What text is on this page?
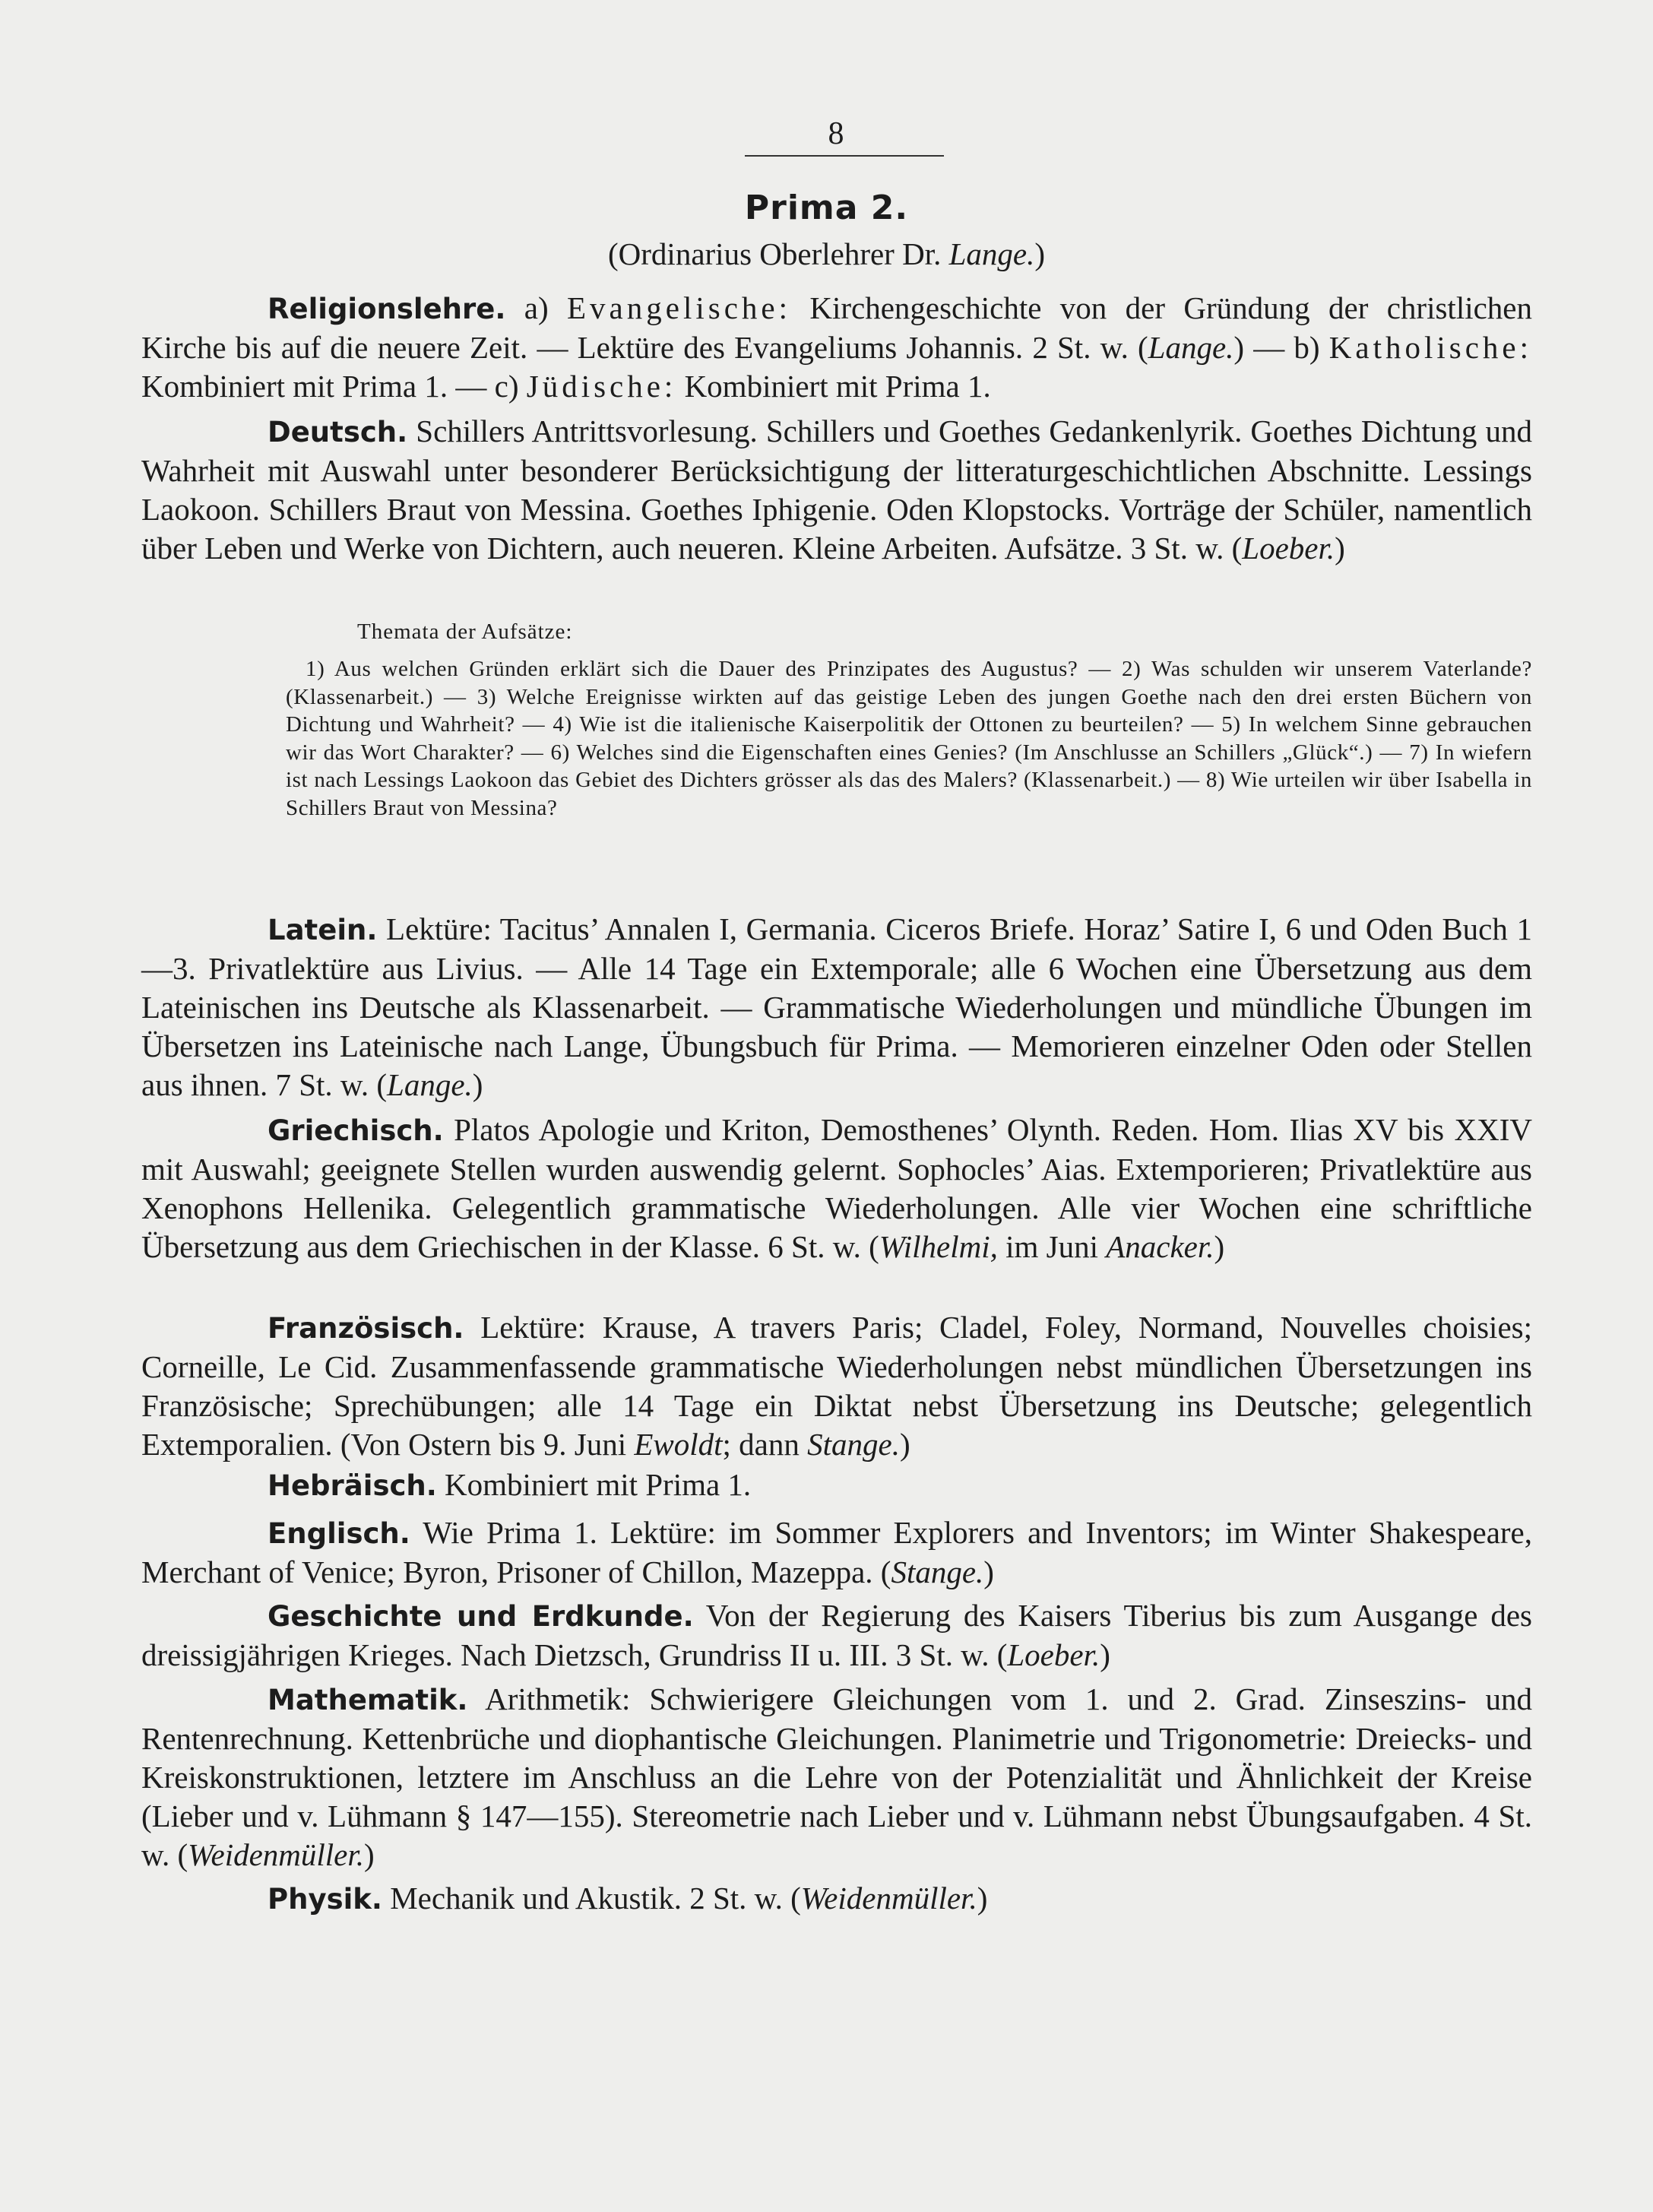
8
Prima 2.
(Ordinarius Oberlehrer Dr. Lange.)

Religionslehre. a) Evangelische: Kirchengeschichte von der Gründung der christlichen Kirche bis auf die neuere Zeit. — Lektüre des Evangeliums Johannis. 2 St. w. (Lange.) — b) Katholische: Kombiniert mit Prima 1. — c) Jüdische: Kombiniert mit Prima 1.

Deutsch. Schillers Antrittsvorlesung. Schillers und Goethes Gedankenlyrik. Goethes Dichtung und Wahrheit mit Auswahl unter besonderer Berücksichtigung der litteraturgeschichtlichen Abschnitte. Lessings Laokoon. Schillers Braut von Messina. Goethes Iphigenie. Oden Klopstocks. Vorträge der Schüler, namentlich über Leben und Werke von Dichtern, auch neueren. Kleine Arbeiten. Aufsätze. 3 St. w. (Loeber.)

Themata der Aufsätze:

1) Aus welchen Gründen erklärt sich die Dauer des Prinzipates des Augustus? — 2) Was schulden wir unserem Vaterlande? (Klassenarbeit.) — 3) Welche Ereignisse wirkten auf das geistige Leben des jungen Goethe nach den drei ersten Büchern von Dichtung und Wahrheit? — 4) Wie ist die italienische Kaiserpolitik der Ottonen zu beurteilen? — 5) In welchem Sinne gebrauchen wir das Wort Charakter? — 6) Welches sind die Eigenschaften eines Genies? (Im Anschlusse an Schillers „Glück“.) — 7) In wiefern ist nach Lessings Laokoon das Gebiet des Dichters grösser als das des Malers? (Klassenarbeit.) — 8) Wie urteilen wir über Isabella in Schillers Braut von Messina?

Latein. Lektüre: Tacitus’ Annalen I, Germania. Ciceros Briefe. Horaz’ Satire I, 6 und Oden Buch 1—3. Privatlektüre aus Livius. — Alle 14 Tage ein Extemporale; alle 6 Wochen eine Übersetzung aus dem Lateinischen ins Deutsche als Klassenarbeit. — Grammatische Wiederholungen und mündliche Übungen im Übersetzen ins Lateinische nach Lange, Übungsbuch für Prima. — Memorieren einzelner Oden oder Stellen aus ihnen. 7 St. w. (Lange.)

Griechisch. Platos Apologie und Kriton, Demosthenes’ Olynth. Reden. Hom. Ilias XV bis XXIV mit Auswahl; geeignete Stellen wurden auswendig gelernt. Sophocles’ Aias. Extemporieren; Privatlektüre aus Xenophons Hellenika. Gelegentlich grammatische Wiederholungen. Alle vier Wochen eine schriftliche Übersetzung aus dem Griechischen in der Klasse. 6 St. w. (Wilhelmi, im Juni Anacker.)

Französisch. Lektüre: Krause, A travers Paris; Cladel, Foley, Normand, Nouvelles choisies; Corneille, Le Cid. Zusammenfassende grammatische Wiederholungen nebst mündlichen Übersetzungen ins Französische; Sprechübungen; alle 14 Tage ein Diktat nebst Übersetzung ins Deutsche; gelegentlich Extemporalien. (Von Ostern bis 9. Juni Ewoldt; dann Stange.)

Hebräisch. Kombiniert mit Prima 1.

Englisch. Wie Prima 1. Lektüre: im Sommer Explorers and Inventors; im Winter Shakespeare, Merchant of Venice; Byron, Prisoner of Chillon, Mazeppa. (Stange.)

Geschichte und Erdkunde. Von der Regierung des Kaisers Tiberius bis zum Ausgange des dreissigjährigen Krieges. Nach Dietzsch, Grundriss II u. III. 3 St. w. (Loeber.)

Mathematik. Arithmetik: Schwierigere Gleichungen vom 1. und 2. Grad. Zinseszins- und Rentenrechnung. Kettenbrüche und diophantische Gleichungen. Planimetrie und Trigonometrie: Dreiecks- und Kreiskonstruktionen, letztere im Anschluss an die Lehre von der Potenzialität und Ähnlichkeit der Kreise (Lieber und v. Lühmann § 147—155). Stereometrie nach Lieber und v. Lühmann nebst Übungsaufgaben. 4 St. w. (Weidenmüller.)

Physik. Mechanik und Akustik. 2 St. w. (Weidenmüller.)
